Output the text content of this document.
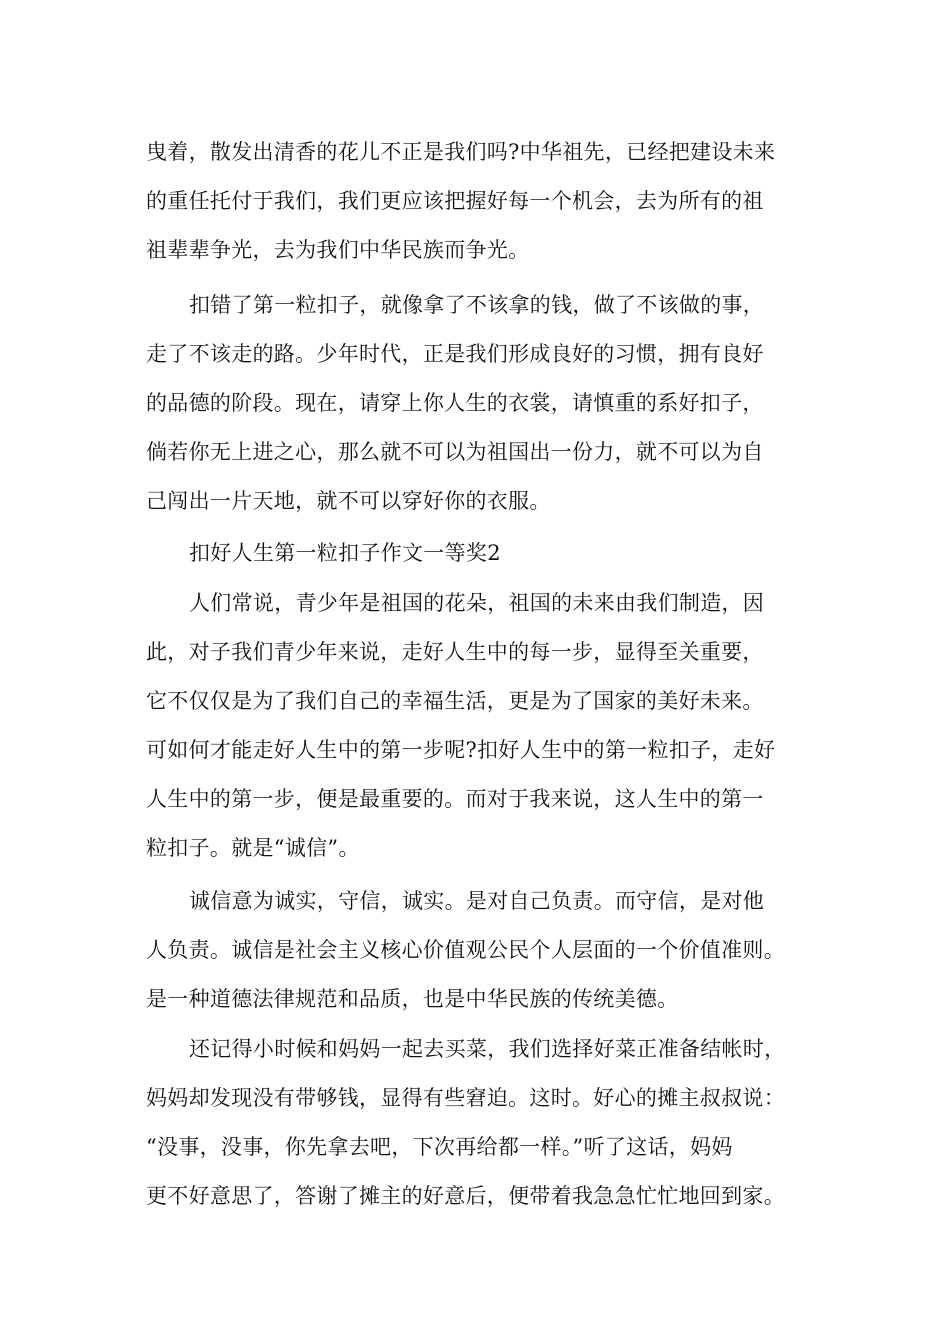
曳着，散发出清香的花儿不正是我们吗?中华祖先，已经把建设未来
的重任托付于我们，我们更应该把握好每一个机会，去为所有的祖
祖辈辈争光，去为我们中华民族而争光。
扣错了第一粒扣子，就像拿了不该拿的钱，做了不该做的事，
走了不该走的路。少年时代，正是我们形成良好的习惯，拥有良好
的品德的阶段。现在，请穿上你人生的衣裳，请慎重的系好扣子，
倘若你无上进之心，那么就不可以为祖国出一份力，就不可以为自
己闯出一片天地，就不可以穿好你的衣服。
扣好人生第一粒扣子作文一等奖2
人们常说，青少年是祖国的花朵，祖国的未来由我们制造，因
此，对子我们青少年来说，走好人生中的每一步，显得至关重要，
它不仅仅是为了我们自己的幸福生活，更是为了国家的美好未来。
可如何才能走好人生中的第一步呢?扣好人生中的第一粒扣子，走好
人生中的第一步，便是最重要的。而对于我来说，这人生中的第一
粒扣子。就是“诚信”。
诚信意为诚实，守信，诚实。是对自己负责。而守信，是对他
人负责。诚信是社会主义核心价值观公民个人层面的一个价值准则。
是一种道德法律规范和品质，也是中华民族的传统美德。
还记得小时候和妈妈一起去买菜，我们选择好菜正准备结帐时，
妈妈却发现没有带够钱，显得有些窘迫。这时。好心的摊主叔叔说：
“没事，没事，你先拿去吧，下次再给都一样。”听了这话，妈妈
更不好意思了，答谢了摊主的好意后，便带着我急急忙忙地回到家。
